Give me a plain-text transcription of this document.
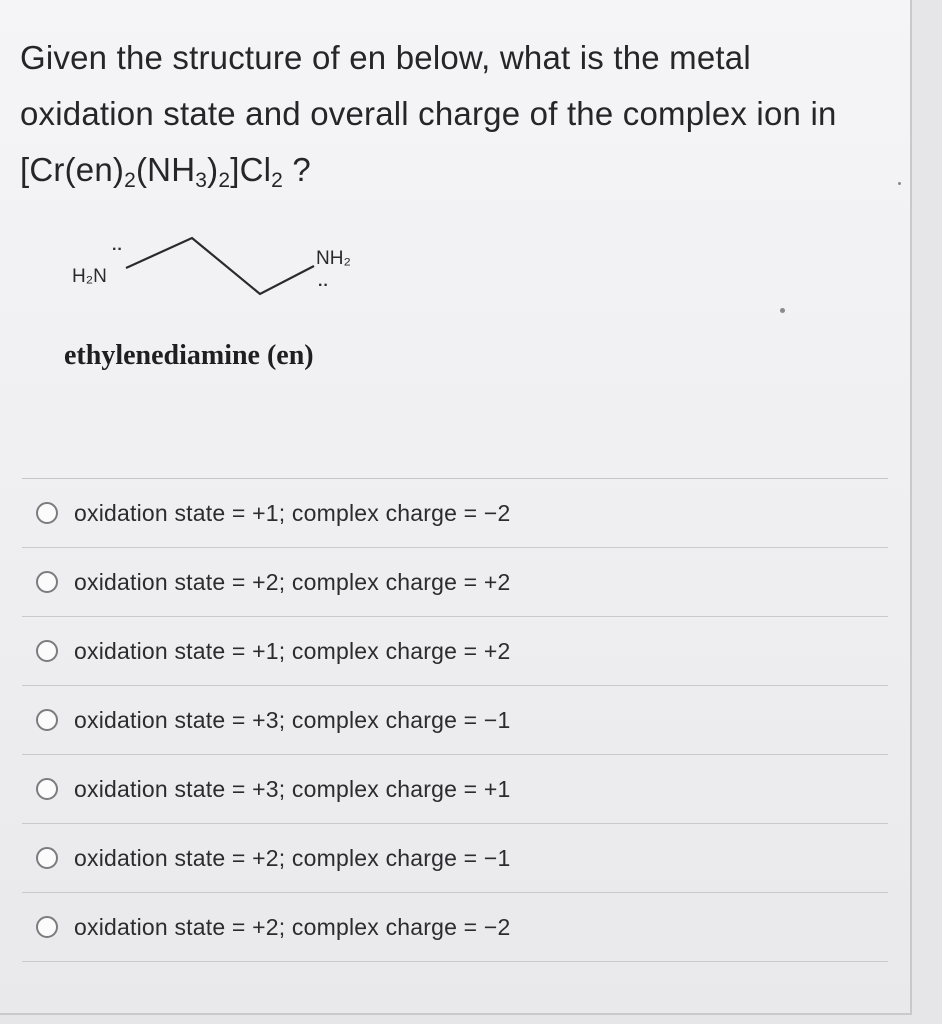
Given the structure of en below, what is the metal
oxidation state and overall charge of the complex ion in
$[Cr(en)_2(NH_3)_2]Cl_2$ ?
H₂N
··	NH₂
··
ethylenediamine (en)
oxidation state = +1; complex charge = −2
oxidation state = +2; complex charge = +2
oxidation state = +1; complex charge = +2
oxidation state = +3; complex charge = −1
oxidation state = +3; complex charge = +1
oxidation state = +2; complex charge = −1
oxidation state = +2; complex charge = −2
